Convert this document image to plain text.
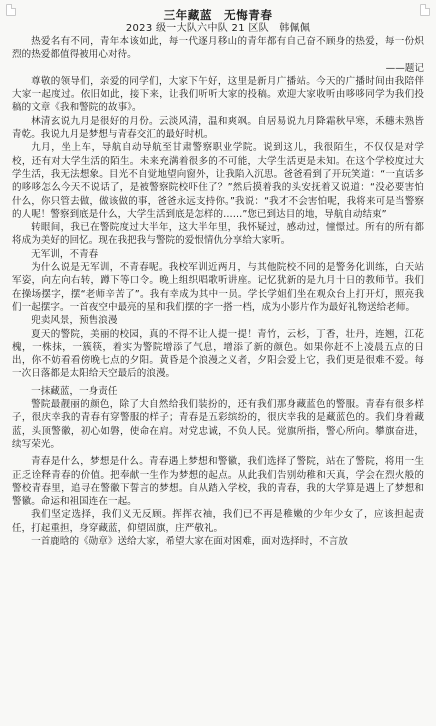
三年藏蓝　无悔青春

2023 级一大队六中队 21 区队　韩佩佩

热爱名有不同，青年本该如此，每一代逐月移山的青年都有自己奋不顾身的热爱，每一份炽烈的热爱都值得被用心对待。

——题记

尊敬的领导们，亲爱的同学们，大家下午好，这里是新月广播站。今天的广播时间由我陪伴大家一起度过。依旧如此，接下来，让我们听听大家的投稿。欢迎大家收听由哆哆同学为我们投稿的文章《我和警院的故事》。

林清玄说九月是很好的月份。云淡风清，温和爽飒。自居易说九月降霜秋早寒，禾穗未熟皆青乾。我说九月是梦想与青春交汇的最好时机。

九月，坐上车，导航自动导航至甘肃警察职业学院。说到这儿，我很陌生，不仅仅是对学校，还有对大学生活的陌生。未来充满着很多的不可能，大学生活更是未知。在这个学校度过大学生活，我无法想象。目光不自觉地望向窗外，让我陷入沉思。爸爸看到了开玩笑道：“一直话多的哆哆怎么今天不说话了，是被警察院校吓住了？”然后摸着我的头安抚着又说道：“没必要害怕什么，你只管去做，做该做的事，爸爸永远支持你。”我说：“我才不会害怕呢，我将来可是当警察的人呢！警察到底是什么，大学生活到底是怎样的……”您已到达目的地，导航自动结束”

转眼间，我已在警院度过大半年，这大半年里，我怀疑过，感动过，憧憬过。所有的所有都将成为美好的回忆。现在我把我与警院的爱恨情仇分享给大家听。

无军训，不青春

为什么说是无军训，不青春呢。我校军训近两月，与其他院校不同的是警务化训练，白天站军姿，向左向右转，蹲下等口令。晚上组织唱歌听讲座。记忆犹新的是九月十日的教师节。我们在操场摆字，摆“老师辛苦了”。我有幸成为其中一员。学长学姐们坐在观众台上打开灯，照亮我们一起摆字。一首夜空中最亮的星和我们摆的字一搭一档，成为小影片作为最好礼物送给老师。

兜卖风景，预售浪漫

夏天的警院，美丽的校园，真的不得不让人提一提！青竹，云杉，丁香，壮丹，连翘，江花槐，一株抹，一簇筷，着实为警院增添了气息，增添了新的颜色。如果你赶不上凌晨五点的日出，你不妨看看傍晚七点的夕阳。黄昏是个浪漫之义者，夕阳会爱上它，我们更是很难不爱。每一次日落都是太阳给天空最后的浪漫。

一抹藏蓝，一身责任

警院最靓丽的颜色，除了大自然给我们装扮的，还有我们那身藏蓝色的警服。青春有很多样子，很庆幸我的青春有穿警服的样子；青春是五彩缤纷的，很庆幸我的是藏蓝色的。我们身着藏蓝，头顶警徽，初心如磐，使命在肩。对党忠诚，不负人民。觉旗所指，警心所向。攀旗奋进，续写荣光。

青春是什么，梦想是什么。青春遇上梦想和警徽，我们选择了警院，站在了警院，将用一生正乏诠释青春的价值。把奉献一生作为梦想的起点。从此我们告别幼稚和天真，学会在烈火般的警校青春里，追寻在警徽下誓言的梦想。自从踏入学校，我的青春，我的大学算是遇上了梦想和警徽。命运和祖国连在一起。

我们坚定选择，我们义无反顾。挥挥衣袖，我们已不再是稚嫩的少年少女了，应该担起责任，打起重担，身穿藏蓝，仰望固旗，庄严敬礼。

一首鹿晗的《勋章》送给大家，希望大家在面对困难，面对选择时，不言放
